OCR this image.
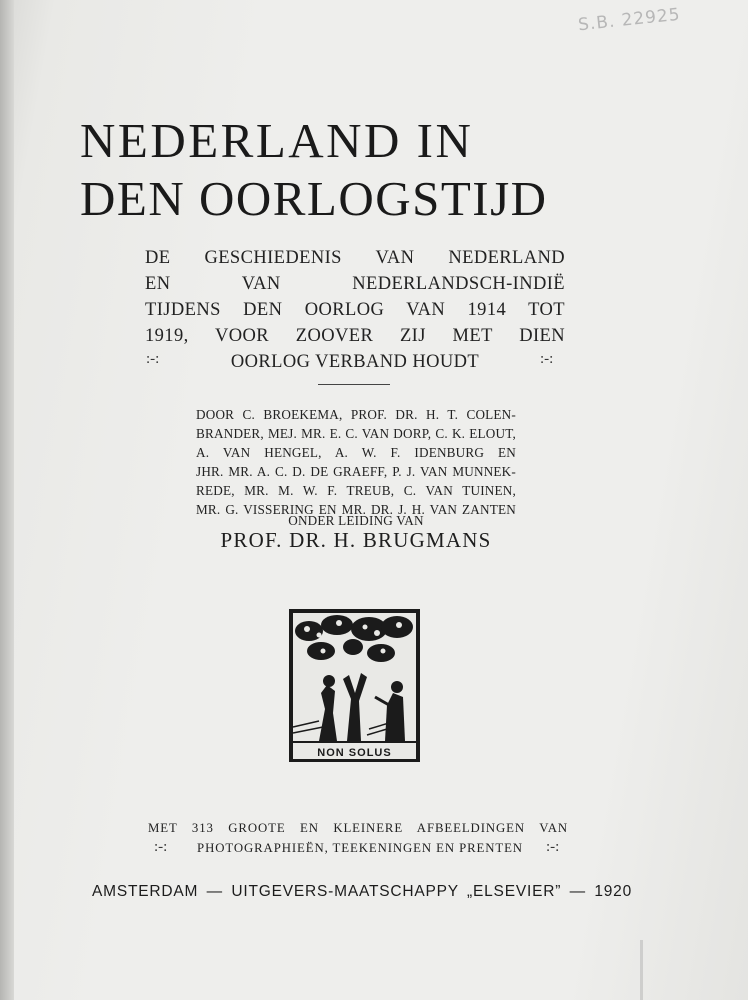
S.B. 22925
NEDERLAND IN
DEN OORLOGSTIJD
DE GESCHIEDENIS VAN NEDERLAND
EN VAN NEDERLANDSCH-INDIË
TIJDENS DEN OORLOG VAN 1914 TOT
1919, VOOR ZOOVER ZIJ MET DIEN
:-:	OORLOG VERBAND HOUDT	:-:
DOOR C. BROEKEMA, PROF. DR. H. T. COLEN-
BRANDER, MEJ. MR. E. C. VAN DORP, C. K. ELOUT,
A. VAN HENGEL, A. W. F. IDENBURG EN
JHR. MR. A. C. D. DE GRAEFF, P. J. VAN MUNNEK-
REDE, MR. M. W. F. TREUB, C. VAN TUINEN,
MR. G. VISSERING EN MR. DR. J. H. VAN ZANTEN
ONDER LEIDING VAN
PROF. DR. H. BRUGMANS
NON SOLUS
MET 313 GROOTE EN KLEINERE AFBEELDINGEN VAN
:-:	PHOTOGRAPHIEËN, TEEKENINGEN EN PRENTEN	:-:
AMSTERDAM — UITGEVERS-MAATSCHAPPY „ELSEVIER” — 1920
